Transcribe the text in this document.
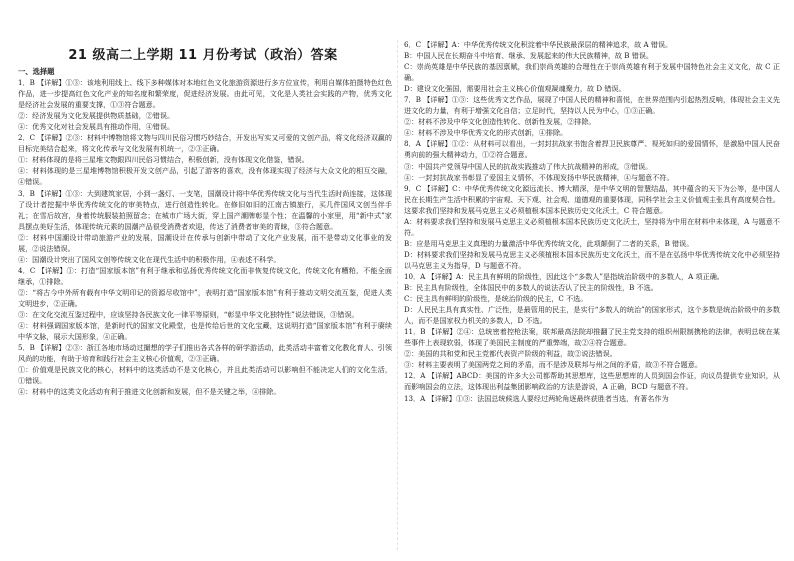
21 级高二上学期 11 月份考试（政治）答案

一、选择题

1．B 【详解】①③：该地利用线上、线下多种媒体对本地红色文化旅游资源进行多方位宣传，利用自媒体拍摄特色红色作品，进一步提高红色文化产业的知名度和繁荣度，促进经济发展。由此可见，文化是人类社会实践的产物，优秀文化是经济社会发展的重要支撑，①③符合题意。

②：经济发展为文化发展提供物质基础，②错误。

④：优秀文化对社会发展具有推动作用，④错误。

2．C 【详解】②③：材料中博物馆将文物与四川民俗习惯巧妙结合，开发出写实又可爱的文创产品，将文化经济双赢的目标完美结合起来，将文化传承与文化发展有机统一，②③正确。

①：材料体现的是将三星堆文物跟四川民俗习惯结合，积极创新，没有体现文化借鉴，错误。

④：材料体现的是三星堆博物馆积极开发文创产品，引起了游客的喜欢，没有体现实现了经济与大众文化的相互交融，④错误。

3．B 【详解】①③：大到建筑家居，小到一盏灯、一支笔，国潮设计将中华优秀传统文化与当代生活时尚连接，这体现了设计者挖掘中华优秀传统文化的审美特点，进行创造性转化。在修旧如旧的江南古镇旅行，买几件国风文创当伴手礼；在雪后故宫，身着传统服装拍照留念；在城市广场大街，穿上国产潮牌彰显个性；在温馨的小家里，用“新中式”家具摆点美好生活，体现传统元素的国潮产品很受消费者欢迎，传达了消费者审美的青睐，③符合题意。

②：材料中国潮设计带动旅游产业的发展，国潮设计在传承与创新中带动了文化产业发展，而不是带动文化事业的发展，②说法错误。

④：国潮设计突出了国风文创等传统文化在现代生活中的积极作用，④表述不科学。

4．C 【详解】①：打造“国家版本馆”有利于继承和弘扬优秀传统文化而非恢复传统文化，传统文化有糟粕，不能全面继承，①排除。

②：“将古今中外所有载有中华文明印记的资源尽收馆中”，表明打造“国家版本馆”有利于推动文明交流互鉴，促进人类文明进步，②正确。

③：在文化交流互鉴过程中，应该坚持各民族文化一律平等原则，“彰显中华文化独特性”说法错误，③错误。

④：材料强调国家版本馆，是新时代的国家文化殿堂，也是传给后世的文化宝藏，这说明打造“国家版本馆”有利于赓续中华文脉，展示大国形象，④正确。

5．B 【详解】②③：浙江各地市场动过撮想的学子们推出各式各样的研学游活动，此类活动丰富着文化教化育人、引领风尚的功能，有助于培育和践行社会主义核心价值观，②③正确。

①：价值观是民族文化的核心，材料中的这类活动不是文化核心，并且此类活动可以影响但不能决定人们的文化生活，①错误。

④：材料中的这类文化活动有利于推进文化创新和发展，但不是关键之举，④排除。

6．C 【详解】A：中华优秀传统文化积淀着中华民族最深层的精神追求，故 A 错误。

B：中国人民在长期奋斗中培育、继承、发展起来的伟大民族精神，故 B 错误。

C：崇尚英雄是中华民族的基因禀赋，我们崇尚英雄的合理性在于崇尚英雄有利于发展中国特色社会主义文化，故 C 正确。

D：建设文化强国，需要用社会主义核心价值观凝魂聚力，故 D 错误。

7．B 【详解】①③：这些优秀文艺作品，展现了中国人民的精神和喜悦，在世界范围内引起热烈反响，体现社会主义先进文化的力量，有利于增强文化自信；立足时代，坚持以人民为中心，①③正确。

②：材料不涉及中华文化创造性转化、创新性发展，②排除。

④：材料不涉及中华优秀文化的形式创新，④排除。

8．A 【详解】①②：从材料可以看出，一封封抗战家书饱含着捍卫民族尊严、视死如归的爱国情怀，是激励中国人民奋勇向前的强大精神动力，①②符合题意。

③：中国共产党领导中国人民的抗战实践推动了伟大抗战精神的形成，③错误。

④：一封封抗战家书彰显了爱国主义情怀，不体现发扬中华民族精神，④与题意不符。

9．C 【详解】C：中华优秀传统文化源远流长、博大精深，是中华文明的智慧结晶，其中蕴含的天下为公等，是中国人民在长期生产生活中积累的宇宙观、天下观、社会观、道德观的重要体现，同科学社会主义价值观主张具有高度契合性。这要求我们坚持和发展马克思主义必须植根本国本民族历史文化沃土，C 符合题意。

A：材料要求我们坚持和发展马克思主义必须植根本国本民族历史文化沃土，坚持将为中用在材料中未体现，A 与题意不符。

B：应是用马克思主义真理的力量激活中华优秀传统文化，此项颠倒了二者的关系，B 错误。

D：材料要求我们坚持和发展马克思主义必须植根本国本民族历史文化沃土，而不是在弘扬中华优秀传统文化中必须坚持以马克思主义为指导，D 与题意不符。

10．A 【详解】A：民主具有鲜明的阶级性，因此这个“多数人”是指统治阶级中的多数人，A 项正确。

B：民主具有阶级性，全体国民中的多数人的说法否认了民主的阶级性，B 不选。

C：民主具有鲜明的阶级性，是统治阶级的民主，C 不选。

D：人民民主具有真实性、广泛性，是最管用的民主，是实行“多数人的统治”的国家形式，这个多数是统治阶级中的多数人，而不是国家权力机关的多数人，D 不选。

11．B 【详解】②④：总统密着控枪法案，联邦最高法院却推翻了民主党支持的组织州限制携枪的法律，表明总统在某些事件上表现软弱，体现了美国民主制度的严重弊端，故②④符合题意。

②：美国的共和党和民主党都代表资产阶级的利益，故②说法错误。

③：材料主要表明了美国两党之间的矛盾，而不是涉及联邦与州之间的矛盾，故③不符合题意。

12．A 【详解】ABCD：美国的许多大公司都帮助其思想库，这些思想库的人员到国会作证，向议员提供专业知识，从而影响国会的立法，这体现出利益集团影响政治的方法是游说，A 正确，BCD 与题意不符。

13．A 【详解】①③：法国总统候选人要经过两轮角逐最终获胜者当选，有著名作为
